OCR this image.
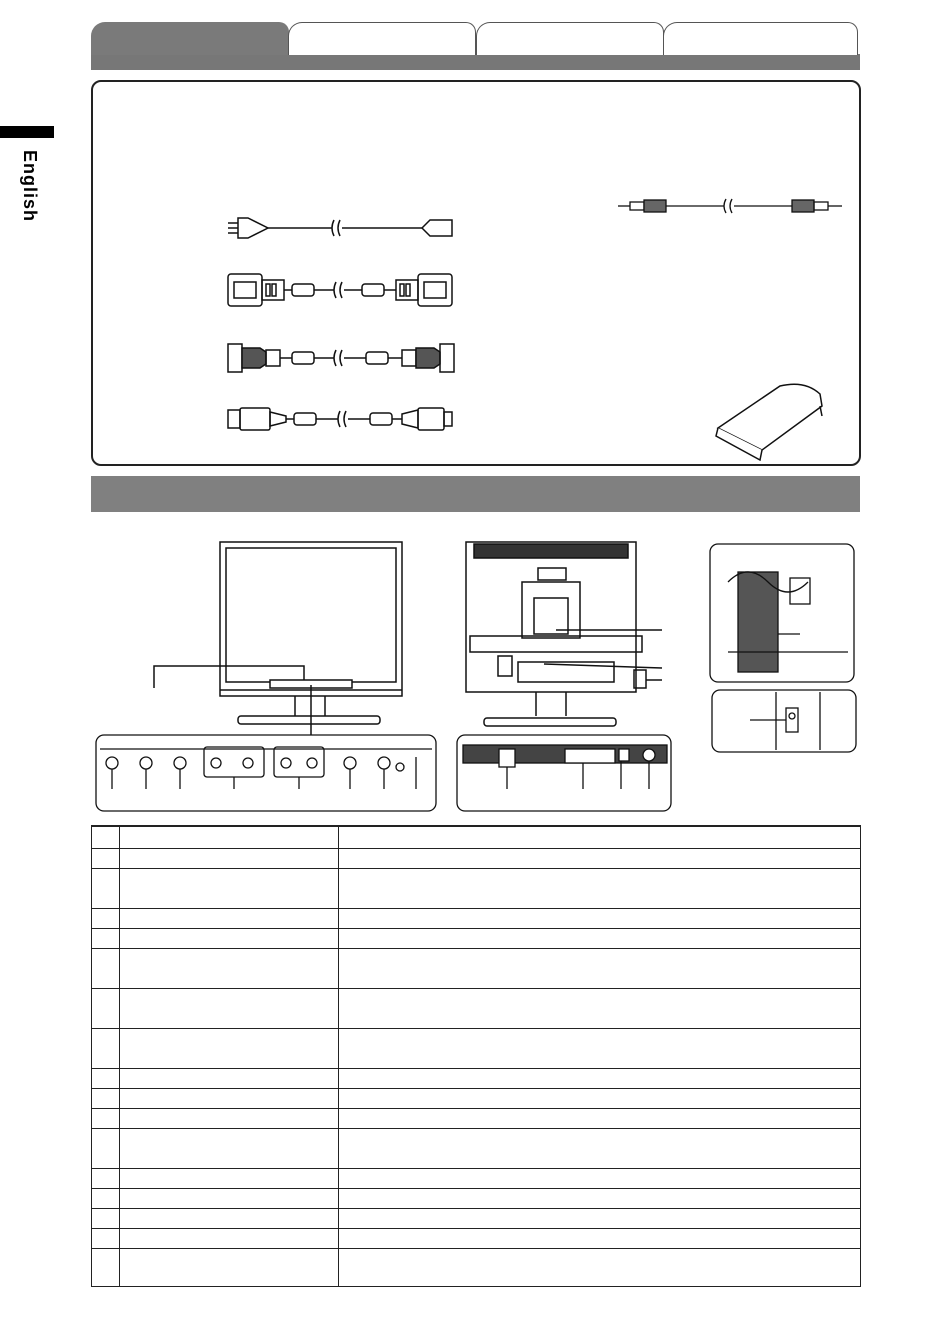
English
